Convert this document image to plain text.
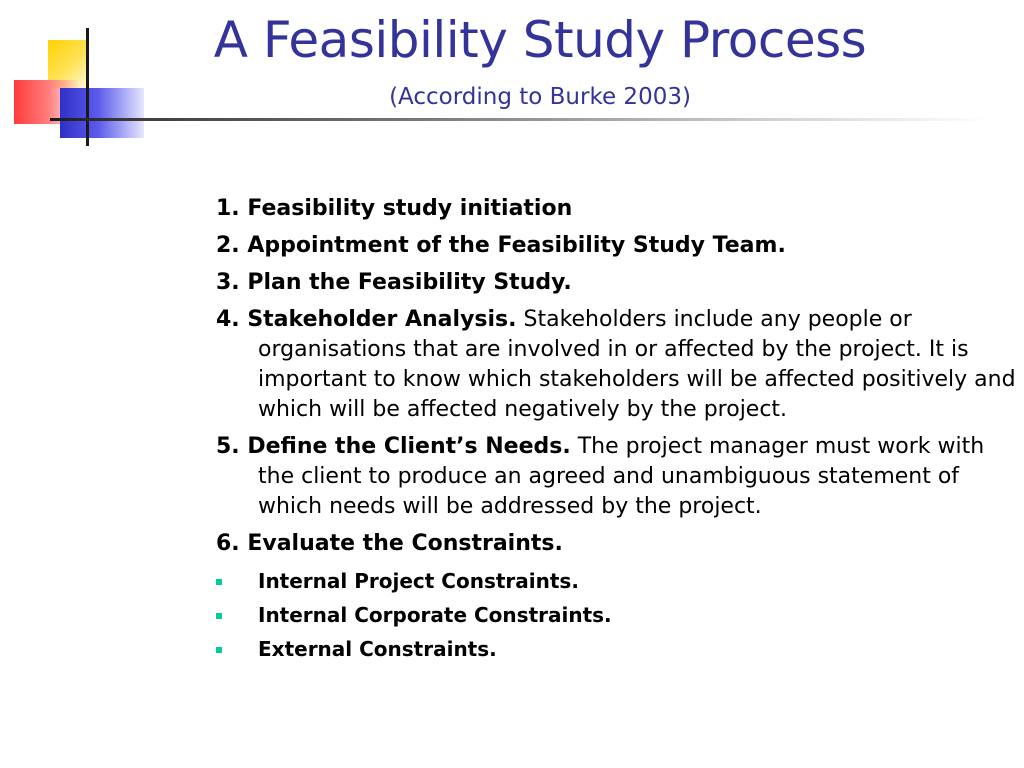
A Feasibility Study Process

(According to Burke 2003)

1. Feasibility study initiation

2. Appointment of the Feasibility Study Team.

3. Plan the Feasibility Study.

4. Stakeholder Analysis. Stakeholders include any people or organisations that are involved in or affected by the project. It is important to know which stakeholders will be affected positively and which will be affected negatively by the project.

5. Define the Client’s Needs. The project manager must work with the client to produce an agreed and unambiguous statement of which needs will be addressed by the project.

6. Evaluate the Constraints.

Internal Project Constraints.

Internal Corporate Constraints.

External Constraints.
